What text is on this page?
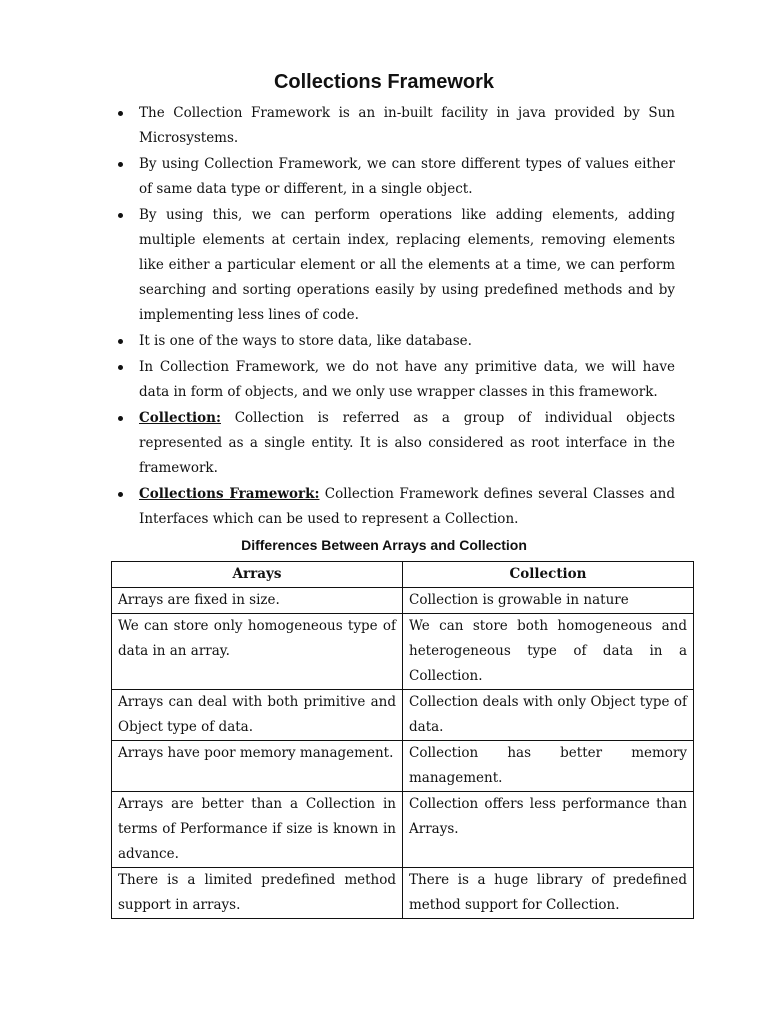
Collections Framework
The Collection Framework is an in-built facility in java provided by Sun Microsystems.
By using Collection Framework, we can store different types of values either of same data type or different, in a single object.
By using this, we can perform operations like adding elements, adding multiple elements at certain index, replacing elements, removing elements like either a particular element or all the elements at a time, we can perform searching and sorting operations easily by using predefined methods and by implementing less lines of code.
It is one of the ways to store data, like database.
In Collection Framework, we do not have any primitive data, we will have data in form of objects, and we only use wrapper classes in this framework.
Collection: Collection is referred as a group of individual objects represented as a single entity. It is also considered as root interface in the framework.
Collections Framework: Collection Framework defines several Classes and Interfaces which can be used to represent a Collection.
Differences Between Arrays and Collection
Arrays	Collection
Arrays are fixed in size.	Collection is growable in nature
We can store only homogeneous type of data in an array.	We can store both homogeneous and heterogeneous type of data in a Collection.
Arrays can deal with both primitive and Object type of data.	Collection deals with only Object type of data.
Arrays have poor memory management.	Collection has better memory management.
Arrays are better than a Collection in terms of Performance if size is known in advance.	Collection offers less performance than Arrays.
There is a limited predefined method support in arrays.	There is a huge library of predefined method support for Collection.
